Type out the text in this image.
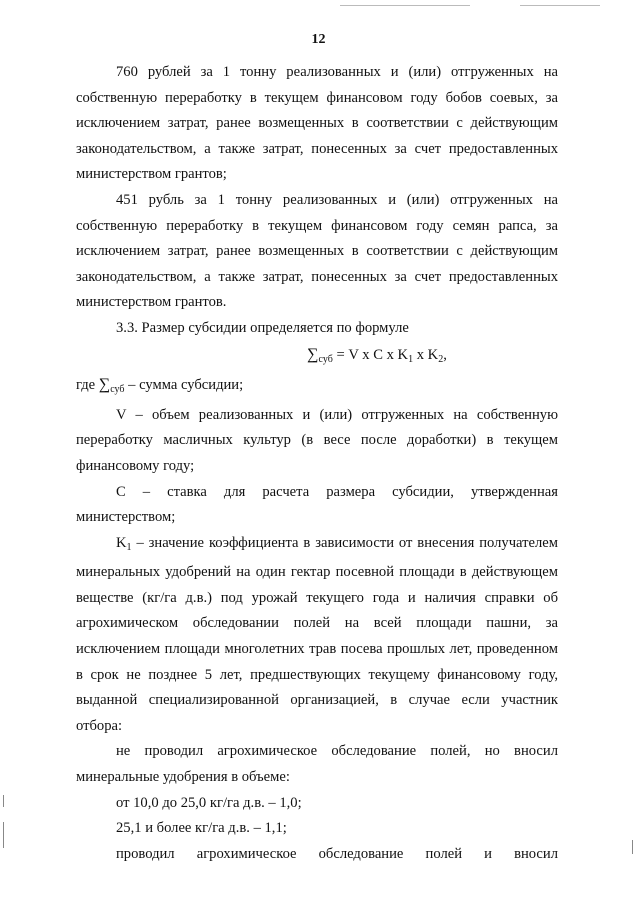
12

760 рублей за 1 тонну реализованных и (или) отгруженных на собственную переработку в текущем финансовом году бобов соевых, за исключением затрат, ранее возмещенных в соответствии с действующим законодательством, а также затрат, понесенных за счет предоставленных министерством грантов;

451 рубль за 1 тонну реализованных и (или) отгруженных на собственную переработку в текущем финансовом году семян рапса, за исключением затрат, ранее возмещенных в соответствии с действующим законодательством, а также затрат, понесенных за счет предоставленных министерством грантов.

3.3. Размер субсидии определяется по формуле

$\sum_{суб} = V$ x C x $K_1$ x $K_2$,

где $\sum_{суб}$ – сумма субсидии;

V – объем реализованных и (или) отгруженных на собственную переработку масличных культур (в весе после доработки) в текущем финансовому году;

С – ставка для расчета размера субсидии, утвержденная министерством;

$K_1$ – значение коэффициента в зависимости от внесения получателем минеральных удобрений на один гектар посевной площади в действующем веществе (кг/га д.в.) под урожай текущего года и наличия справки об агрохимическом обследовании полей на всей площади пашни, за исключением площади многолетних трав посева прошлых лет, проведенном в срок не позднее 5 лет, предшествующих текущему финансовому году, выданной специализированной организацией, в случае если участник отбора:

не проводил агрохимическое обследование полей, но вносил минеральные удобрения в объеме:

от 10,0 до 25,0 кг/га д.в. – 1,0;

25,1 и более кг/га д.в. – 1,1;

проводил агрохимическое обследование полей и вносил
